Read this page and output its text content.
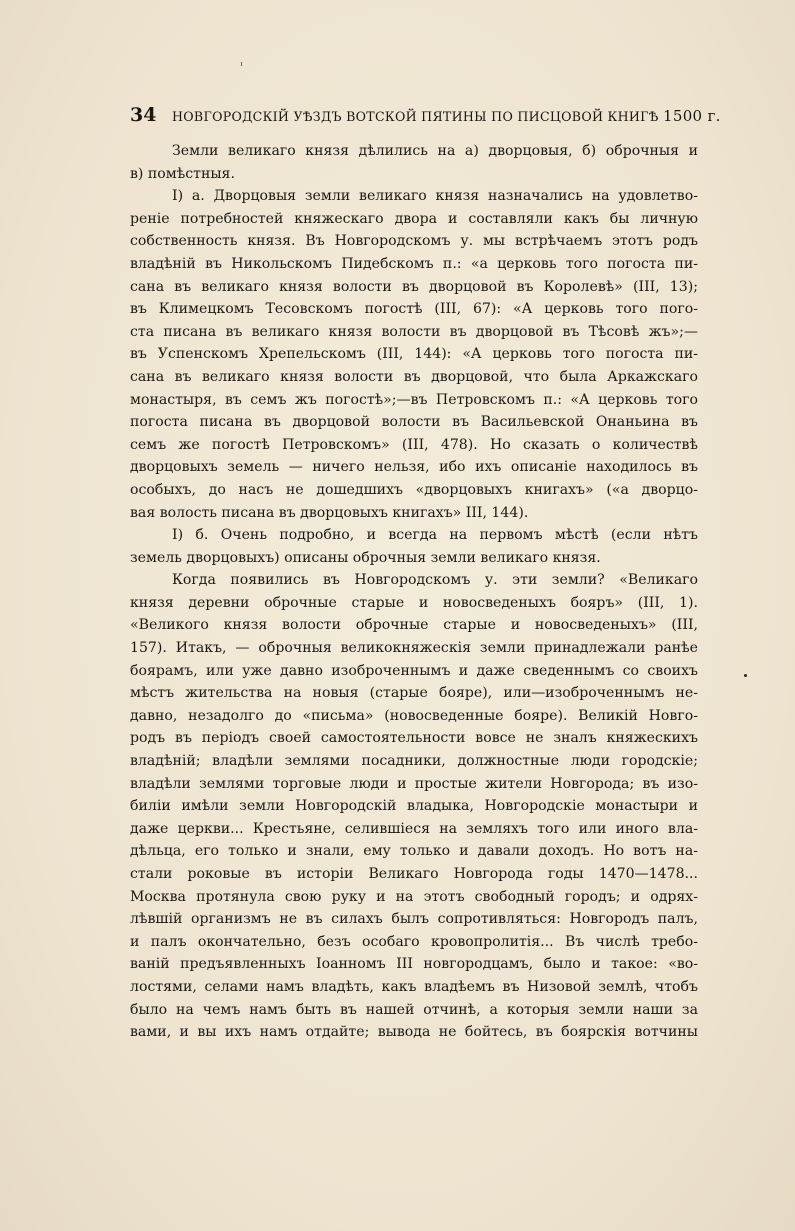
34 НОВГОРОДСКІЙ УѢЗДЪ ВОТСКОЙ ПЯТИНЫ ПО ПИСЦОВОЙ КНИГѢ 1500 г.
Земли великаго князя дѣлились на а) дворцовыя, б) оброчныя и
в) помѣстныя.
I) а. Дворцовыя земли великаго князя назначались на удовлетво-
реніе потребностей княжескаго двора и составляли какъ бы личную
собственность князя. Въ Новгородскомъ у. мы встрѣчаемъ этотъ родъ
владѣній въ Никольскомъ Пидебскомъ п.: «а церковь того погоста пи-
сана въ великаго князя волости въ дворцовой въ Королевѣ» (III, 13);
въ Климецкомъ Тесовскомъ погостѣ (III, 67): «А церковь того пого-
ста писана въ великаго князя волости въ дворцовой въ Тѣсовѣ жъ»;—
въ Успенскомъ Хрепельскомъ (III, 144): «А церковь того погоста пи-
сана въ великаго князя волости въ дворцовой, что была Аркажскаго
монастыря, въ семъ жъ погостѣ»;—въ Петровскомъ п.: «А церковь того
погоста писана въ дворцовой волости въ Васильевской Онаньина въ
семъ же погостѣ Петровскомъ» (III, 478). Но сказать о количествѣ
дворцовыхъ земель — ничего нельзя, ибо ихъ описаніе находилось въ
особыхъ, до насъ не дошедшихъ «дворцовыхъ книгахъ» («а дворцо-
вая волость писана въ дворцовыхъ книгахъ» III, 144).
I) б. Очень подробно, и всегда на первомъ мѣстѣ (если нѣтъ
земель дворцовыхъ) описаны оброчныя земли великаго князя.
Когда появились въ Новгородскомъ у. эти земли? «Великаго
князя деревни оброчные старые и новосведеныхъ бояръ» (III, 1).
«Великого князя волости оброчные старые и новосведеныхъ» (III,
157). Итакъ, — оброчныя великокняжескія земли принадлежали ранѣе
боярамъ, или уже давно изоброченнымъ и даже сведеннымъ со своихъ
мѣстъ жительства на новыя (старые бояре), или—изоброченнымъ не-
давно, незадолго до «письма» (новосведенные бояре). Великій Новго-
родъ въ періодъ своей самостоятельности вовсе не зналъ княжескихъ
владѣній; владѣли землями посадники, должностные люди городскіе;
владѣли землями торговые люди и простые жители Новгорода; въ изо-
биліи имѣли земли Новгородскій владыка, Новгородскіе монастыри и
даже церкви... Крестьяне, селившіеся на земляхъ того или иного вла-
дѣльца, его только и знали, ему только и давали доходъ. Но вотъ на-
стали роковые въ исторіи Великаго Новгорода годы 1470—1478...
Москва протянула свою руку и на этотъ свободный городъ; и одрях-
лѣвшій организмъ не въ силахъ былъ сопротивляться: Новгородъ палъ,
и палъ окончательно, безъ особаго кровопролитія... Въ числѣ требо-
ваній предъявленныхъ Іоанномъ III новгородцамъ, было и такое: «во-
лостями, селами намъ владѣть, какъ владѣемъ въ Низовой землѣ, чтобъ
было на чемъ намъ быть въ нашей отчинѣ, а которыя земли наши за
вами, и вы ихъ намъ отдайте; вывода не бойтесь, въ боярскія вотчины
